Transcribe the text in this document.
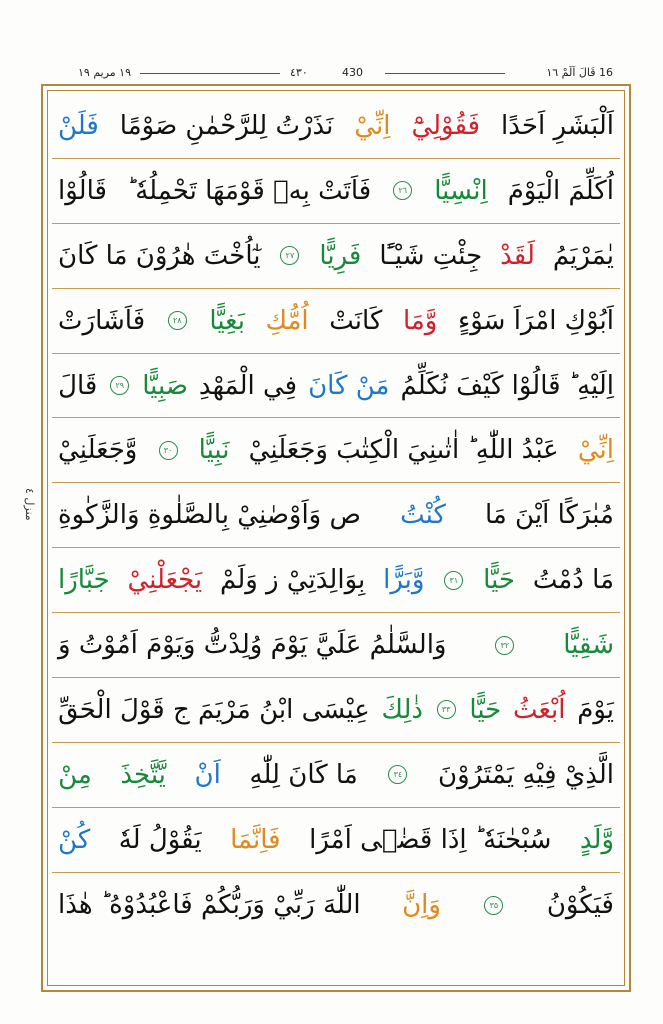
١٩ مريم ١٩	٤٣٠	430	16 قَالَ اَلَمْ ١٦
منزل ٤
اَلْبَشَرِ اَحَدًا
فَقُوْلِيْٓ
اِنِّيْ
نَذَرْتُ لِلرَّحْمٰنِ صَوْمًا
فَلَنْ
اُكَلِّمَ الْيَوْمَ
اِنْسِيًّا
٢٦
فَاَتَتْ بِهٖ قَوْمَهَا تَحْمِلُهٗ ؕ
قَالُوْا
يٰمَرْيَمُ
لَقَدْ
جِئْتِ شَيْـًٔا
فَرِيًّا
٢٧
يٰٓاُخْتَ هٰرُوْنَ مَا كَانَ
اَبُوْكِ امْرَاَ سَوْءٍ
وَّمَا
كَانَتْ
اُمُّكِ
بَغِيًّا
٢٨
فَاَشَارَتْ
اِلَيْهِ ؕ قَالُوْا كَيْفَ نُكَلِّمُ
مَنْ كَانَ
فِي الْمَهْدِ
صَبِيًّا
٢٩
قَالَ
اِنِّيْ
عَبْدُ اللّٰهِ ؕ اٰتٰىنِيَ الْكِتٰبَ وَجَعَلَنِيْ
نَبِيًّا
٣٠
وَّجَعَلَنِيْ
مُبٰرَكًا اَيْنَ مَا
كُنْتُ
ص وَاَوْصٰنِيْ بِالصَّلٰوةِ وَالزَّكٰوةِ
مَا دُمْتُ
حَيًّا
٣١
وَّبَرًّا
بِوَالِدَتِيْ ز وَلَمْ
يَجْعَلْنِيْ
جَبَّارًا
شَقِيًّا
٣٢
وَالسَّلٰمُ عَلَيَّ يَوْمَ وُلِدْتُّ وَيَوْمَ اَمُوْتُ وَ
يَوْمَ
اُبْعَثُ
حَيًّا
٣٣
ذٰلِكَ
عِيْسَى ابْنُ مَرْيَمَ ج قَوْلَ الْحَقِّ
الَّذِيْ فِيْهِ يَمْتَرُوْنَ
٣٤
مَا كَانَ لِلّٰهِ
اَنْ
يَّتَّخِذَ
مِنْ
وَّلَدٍ
سُبْحٰنَهٗ ؕ اِذَا قَضٰۤى اَمْرًا
فَاِنَّمَا
يَقُوْلُ لَهٗ
كُنْ
فَيَكُوْنُ
٣٥
وَاِنَّ
اللّٰهَ رَبِّيْ وَرَبُّكُمْ فَاعْبُدُوْهُ ؕ هٰذَا
